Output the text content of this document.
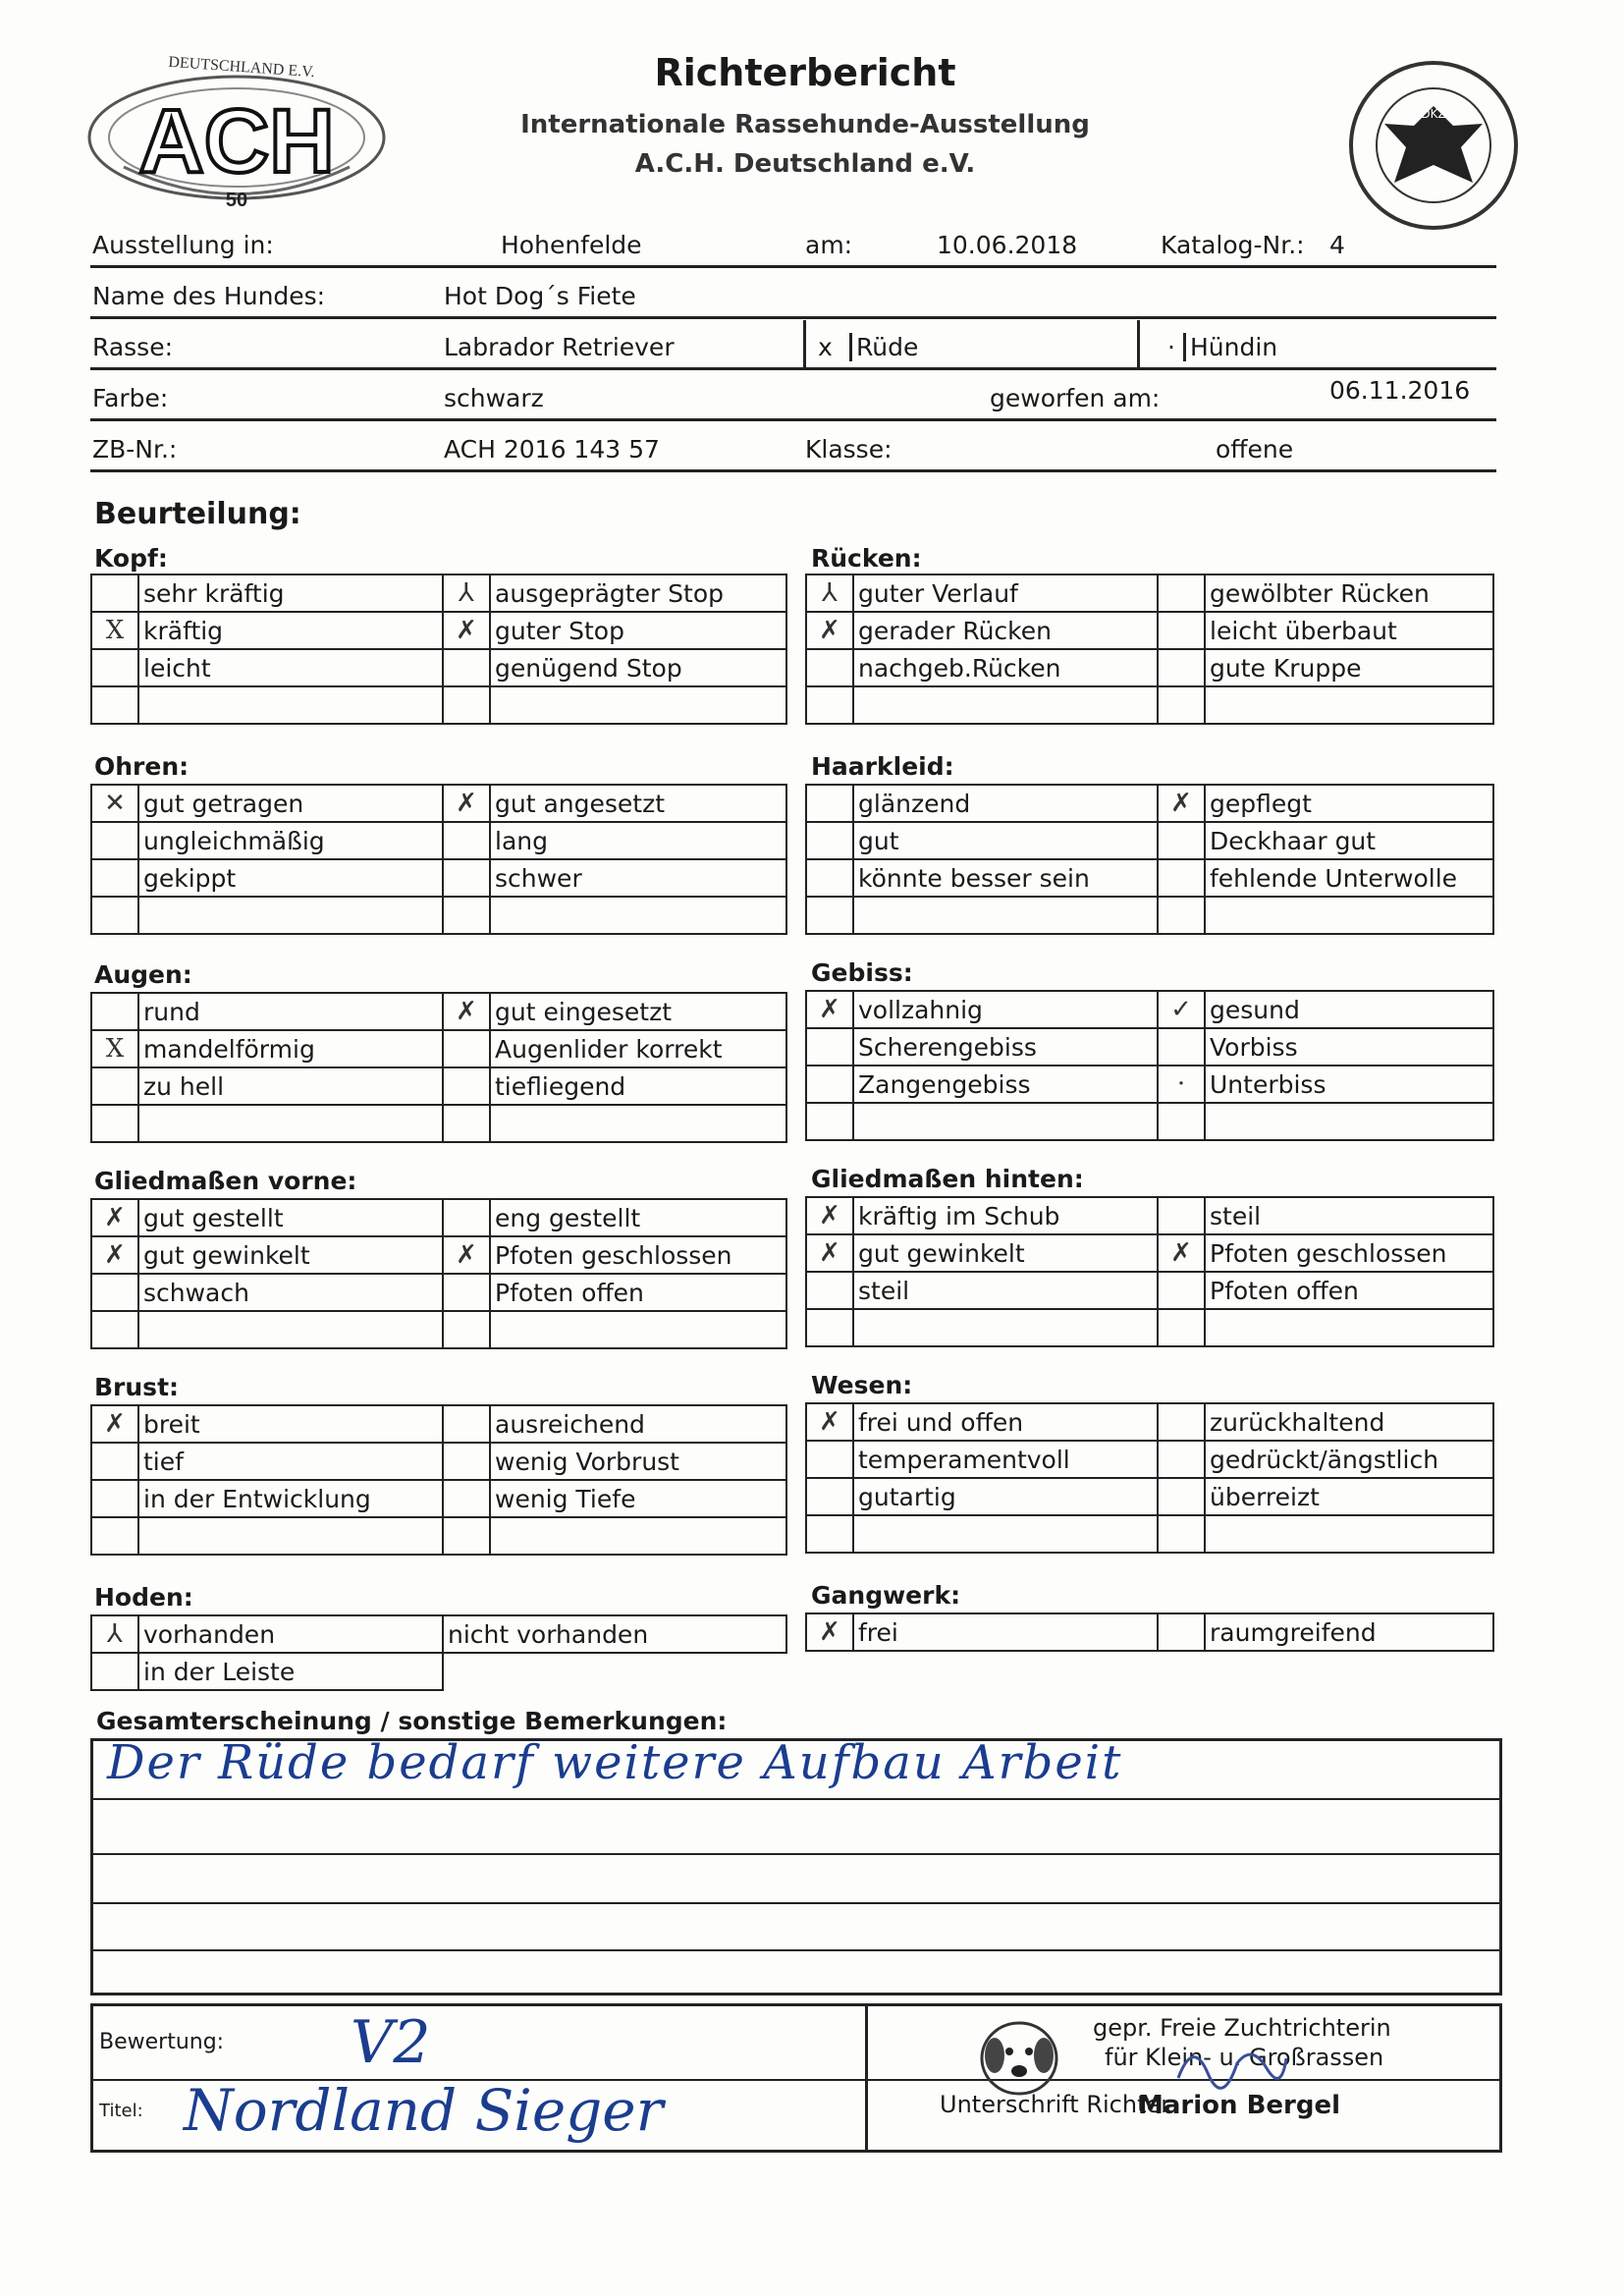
ACH
50
DEUTSCHLAND E.V.
DKZ
Richterbericht
Internationale Rassehunde-Ausstellung
A.C.H. Deutschland e.V.
Ausstellung in:	Hohenfelde	am:	10.06.2018	Katalog-Nr.: 4
Name des Hundes:	Hot Dog´s Fiete
Rasse:	Labrador Retriever	x Rüde	· Hündin
Farbe:	schwarz	geworfen am:	06.11.2016
ZB-Nr.:	ACH 2016 143 57	Klasse:	offene
Beurteilung:
Kopf:
	sehr kräftig	⅄	ausgeprägter Stop
X	kräftig	✗	guter Stop
	leicht		genügend Stop

Rücken:
⅄	guter Verlauf		gewölbter Rücken
✗	gerader Rücken		leicht überbaut
	nachgeb.Rücken		gute Kruppe

Ohren:
✕	gut getragen	✗	gut angesetzt
	ungleichmäßig		lang
	gekippt		schwer

Haarkleid:
	glänzend	✗	gepflegt
	gut		Deckhaar gut
	könnte besser sein		fehlende Unterwolle

Augen:
	rund	✗	gut eingesetzt
X	mandelförmig		Augenlider korrekt
	zu hell		tiefliegend

Gebiss:
✗	vollzahnig	✓	gesund
	Scherengebiss		Vorbiss
	Zangengebiss	·	Unterbiss

Gliedmaßen vorne:
✗	gut gestellt		eng gestellt
✗	gut gewinkelt	✗	Pfoten geschlossen
	schwach		Pfoten offen

Gliedmaßen hinten:
✗	kräftig im Schub		steil
✗	gut gewinkelt	✗	Pfoten geschlossen
	steil		Pfoten offen

Brust:
✗	breit		ausreichend
	tief		wenig Vorbrust
	in der Entwicklung		wenig Tiefe

Wesen:
✗	frei und offen		zurückhaltend
	temperamentvoll		gedrückt/ängstlich
	gutartig		überreizt

Hoden:
⅄	vorhanden	nicht vorhanden
	in der Leiste	
Gangwerk:
✗	frei		raumgreifend
Gesamterscheinung / sonstige Bemerkungen:
Der Rüde bedarf weitere Aufbau Arbeit
Bewertung: V2
Titel: Nordland Sieger
gepr. Freie Zuchtrichterin
für Klein- u. Großrassen
Unterschrift Richter
Marion Bergel
